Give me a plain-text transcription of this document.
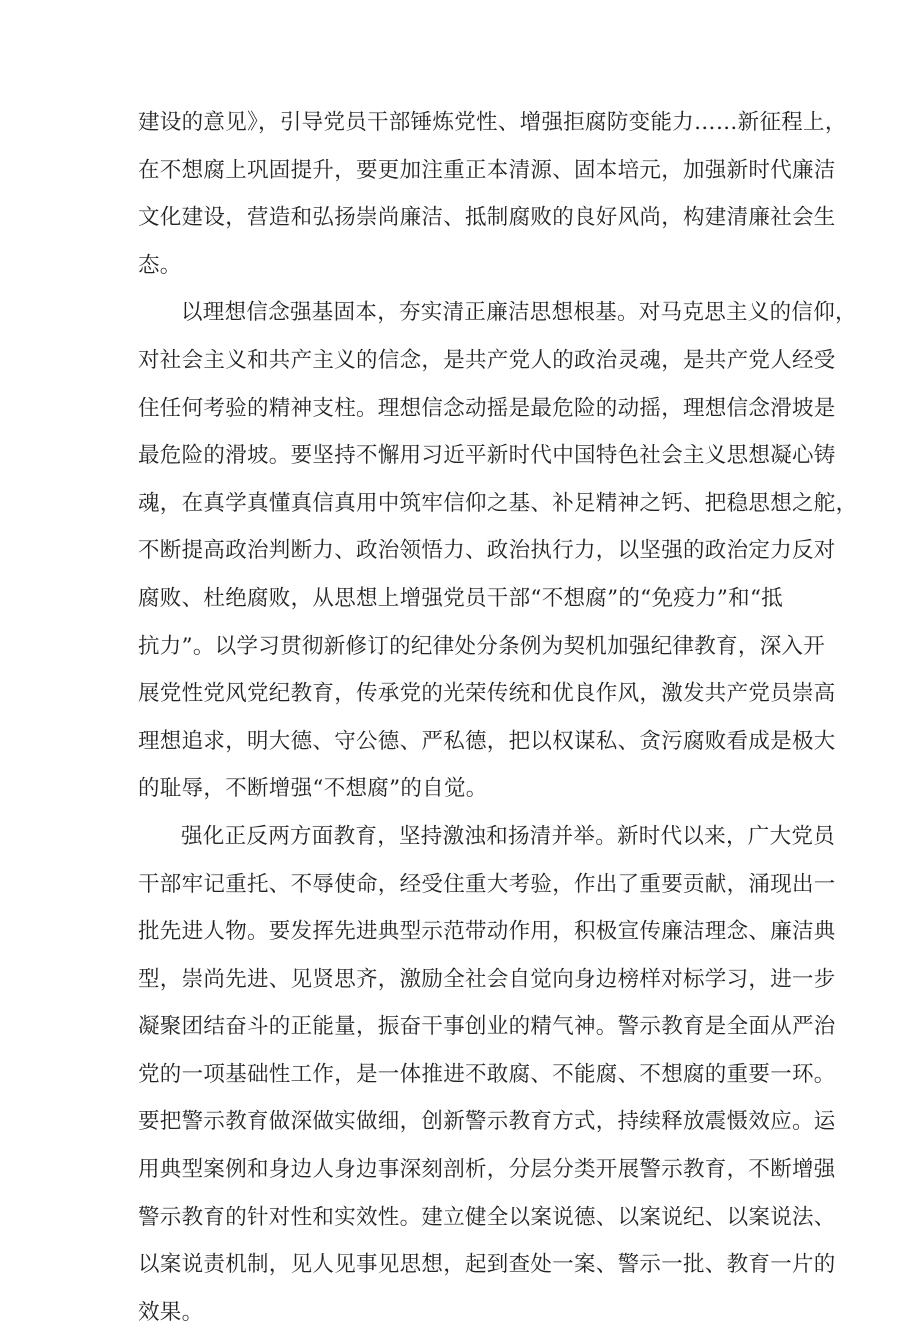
建设的意见》，引导党员干部锤炼党性、增强拒腐防变能力……新征程上，
在不想腐上巩固提升，要更加注重正本清源、固本培元，加强新时代廉洁
文化建设，营造和弘扬崇尚廉洁、抵制腐败的良好风尚，构建清廉社会生
态。
以理想信念强基固本，夯实清正廉洁思想根基。对马克思主义的信仰，
对社会主义和共产主义的信念，是共产党人的政治灵魂，是共产党人经受
住任何考验的精神支柱。理想信念动摇是最危险的动摇，理想信念滑坡是
最危险的滑坡。要坚持不懈用习近平新时代中国特色社会主义思想凝心铸
魂，在真学真懂真信真用中筑牢信仰之基、补足精神之钙、把稳思想之舵，
不断提高政治判断力、政治领悟力、政治执行力，以坚强的政治定力反对
腐败、杜绝腐败，从思想上增强党员干部“不想腐”的“免疫力”和“抵
抗力”。以学习贯彻新修订的纪律处分条例为契机加强纪律教育，深入开
展党性党风党纪教育，传承党的光荣传统和优良作风，激发共产党员崇高
理想追求，明大德、守公德、严私德，把以权谋私、贪污腐败看成是极大
的耻辱，不断增强“不想腐”的自觉。
强化正反两方面教育，坚持激浊和扬清并举。新时代以来，广大党员
干部牢记重托、不辱使命，经受住重大考验，作出了重要贡献，涌现出一
批先进人物。要发挥先进典型示范带动作用，积极宣传廉洁理念、廉洁典
型，崇尚先进、见贤思齐，激励全社会自觉向身边榜样对标学习，进一步
凝聚团结奋斗的正能量，振奋干事创业的精气神。警示教育是全面从严治
党的一项基础性工作，是一体推进不敢腐、不能腐、不想腐的重要一环。
要把警示教育做深做实做细，创新警示教育方式，持续释放震慑效应。运
用典型案例和身边人身边事深刻剖析，分层分类开展警示教育，不断增强
警示教育的针对性和实效性。建立健全以案说德、以案说纪、以案说法、
以案说责机制，见人见事见思想，起到查处一案、警示一批、教育一片的
效果。
